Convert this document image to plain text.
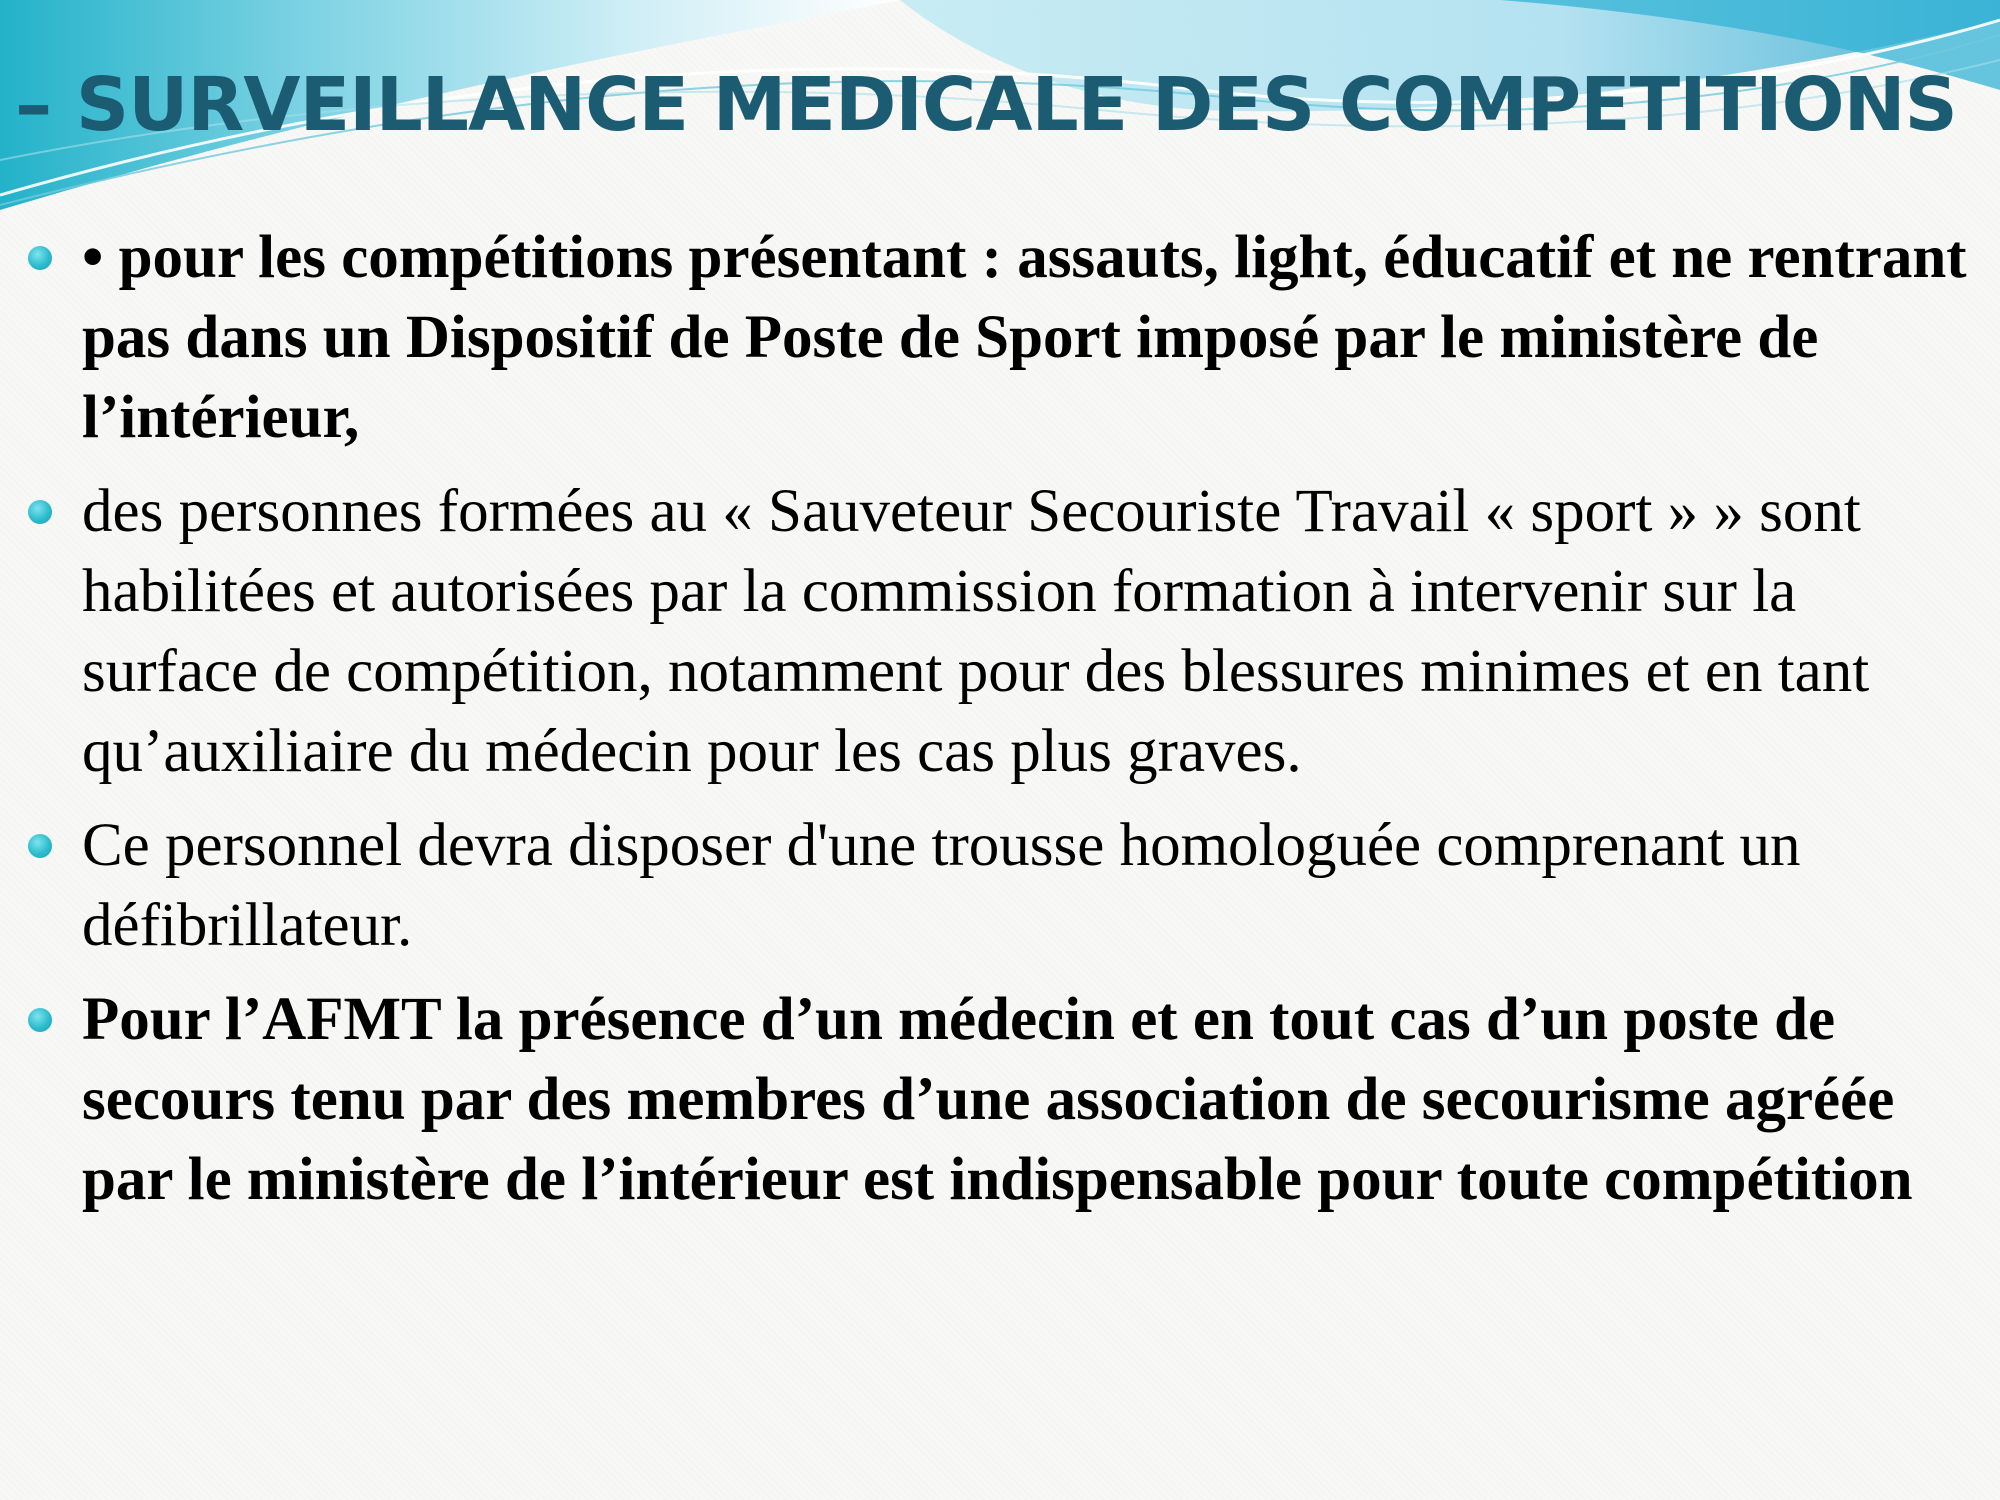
– SURVEILLANCE MEDICALE DES COMPETITIONS
• pour les compétitions présentant : assauts, light, éducatif et ne rentrant pas dans un Dispositif de Poste de Sport imposé par le ministère de l’intérieur,
des personnes formées au « Sauveteur Secouriste Travail « sport » » sont habilitées et autorisées par la commission formation à intervenir sur la surface de compétition, notamment pour des blessures minimes et en tant qu’auxiliaire du médecin pour les cas plus graves.
Ce personnel devra disposer d'une trousse homologuée comprenant un défibrillateur.
Pour l’AFMT la présence d’un médecin et en tout cas d’un poste de secours tenu par des membres d’une association de secourisme agréée par le ministère de l’intérieur est indispensable pour toute compétition
